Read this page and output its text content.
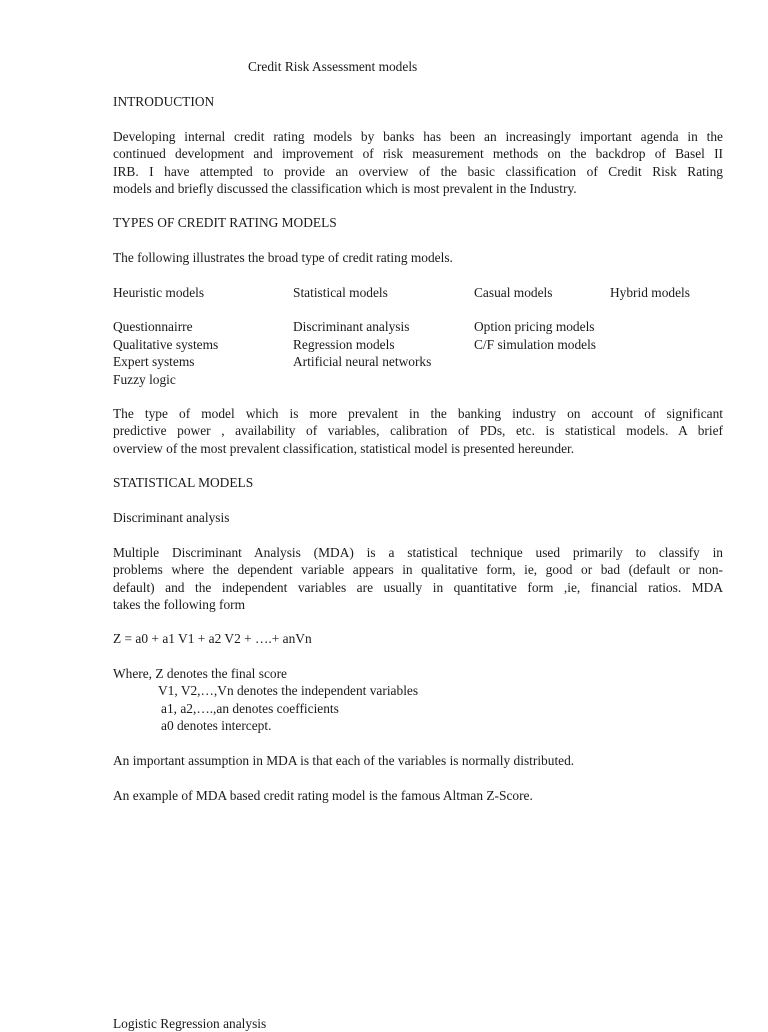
Credit Risk Assessment models
INTRODUCTION
Developing internal credit rating models by banks has been an increasingly important agenda in the
continued development and improvement of risk measurement methods on the backdrop of Basel II
IRB. I have attempted to provide an overview of the basic classification of Credit Risk Rating
models and briefly discussed the classification which is most prevalent in the Industry.
TYPES OF CREDIT RATING MODELS
The following illustrates the broad type of credit rating models.
Heuristic models
Questionnairre
Qualitative systems
Expert systems
Fuzzy logic
Statistical models
Discriminant analysis
Regression models
Artificial neural networks
Casual models
Option pricing models
C/F simulation models
Hybrid models
The type of model which is more prevalent in the banking industry on account of significant
predictive power , availability of variables, calibration of PDs, etc. is statistical models. A brief
overview of the most prevalent classification, statistical model is presented hereunder.
STATISTICAL MODELS
Discriminant analysis
Multiple Discriminant Analysis (MDA) is a statistical technique used primarily to classify in
problems where the dependent variable appears in qualitative form, ie, good or bad (default or non-
default) and the independent variables are usually in quantitative form ,ie, financial ratios. MDA
takes the following form
Z = a0 + a1 V1 + a2 V2 + ….+ anVn
Where, Z denotes the final score
V1, V2,…,Vn denotes the independent variables
a1, a2,….,an denotes coefficients
a0 denotes intercept.
An important assumption in MDA is that each of the variables is normally distributed.
An example of MDA based credit rating model is the famous Altman Z-Score.
Logistic Regression analysis
